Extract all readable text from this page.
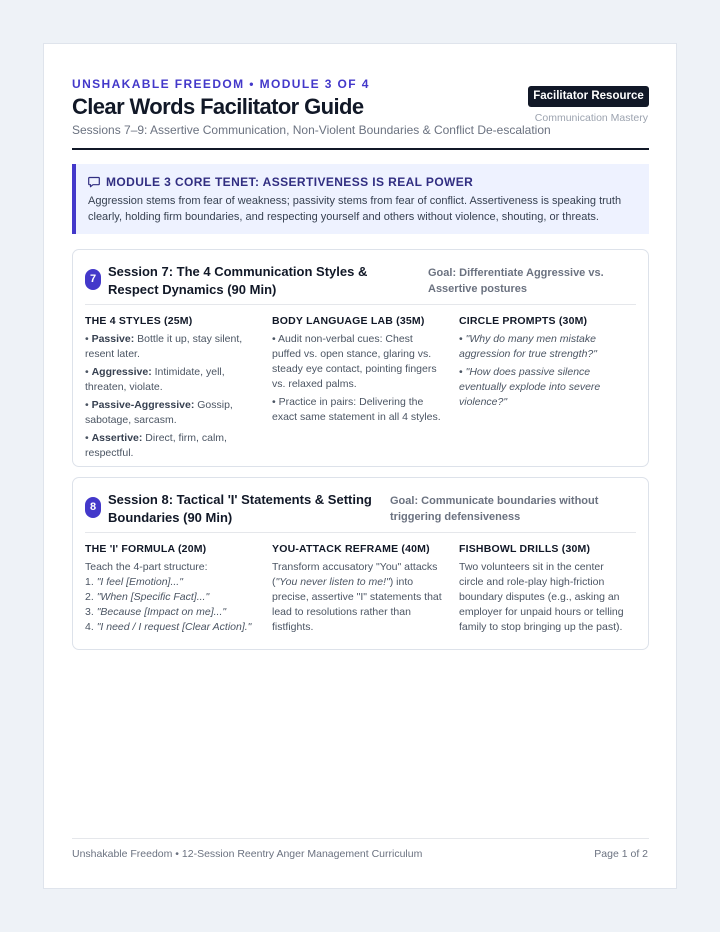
UNSHAKABLE FREEDOM • MODULE 3 OF 4
Clear Words Facilitator Guide
Sessions 7–9: Assertive Communication, Non-Violent Boundaries & Conflict De-escalation
Facilitator Resource
Communication Mastery
MODULE 3 CORE TENET: ASSERTIVENESS IS REAL POWER
Aggression stems from fear of weakness; passivity stems from fear of conflict. Assertiveness is speaking truth clearly, holding firm boundaries, and respecting yourself and others without violence, shouting, or threats.
7 Session 7: The 4 Communication Styles & Respect Dynamics (90 Min)
Goal: Differentiate Aggressive vs. Assertive postures
THE 4 STYLES (25M)
• Passive: Bottle it up, stay silent, resent later.
• Aggressive: Intimidate, yell, threaten, violate.
• Passive-Aggressive: Gossip, sabotage, sarcasm.
• Assertive: Direct, firm, calm, respectful.
BODY LANGUAGE LAB (35M)
• Audit non-verbal cues: Chest puffed vs. open stance, glaring vs. steady eye contact, pointing fingers vs. relaxed palms.
• Practice in pairs: Delivering the exact same statement in all 4 styles.
CIRCLE PROMPTS (30M)
• "Why do many men mistake aggression for true strength?"
• "How does passive silence eventually explode into severe violence?"
8 Session 8: Tactical 'I' Statements & Setting Boundaries (90 Min)
Goal: Communicate boundaries without triggering defensiveness
THE 'I' FORMULA (20M)
Teach the 4-part structure:
1. "I feel [Emotion]..."
2. "When [Specific Fact]..."
3. "Because [Impact on me]..."
4. "I need / I request [Clear Action]."
YOU-ATTACK REFRAME (40M)

Transform accusatory "You" attacks ("You never listen to me!") into precise, assertive "I" statements that lead to resolutions rather than fistfights.

FISHBOWL DRILLS (30M)

Two volunteers sit in the center circle and role-play high-friction boundary disputes (e.g., asking an employer for unpaid hours or telling family to stop bringing up the past).

Unshakable Freedom • 12-Session Reentry Anger Management Curriculum	Page 1 of 2
